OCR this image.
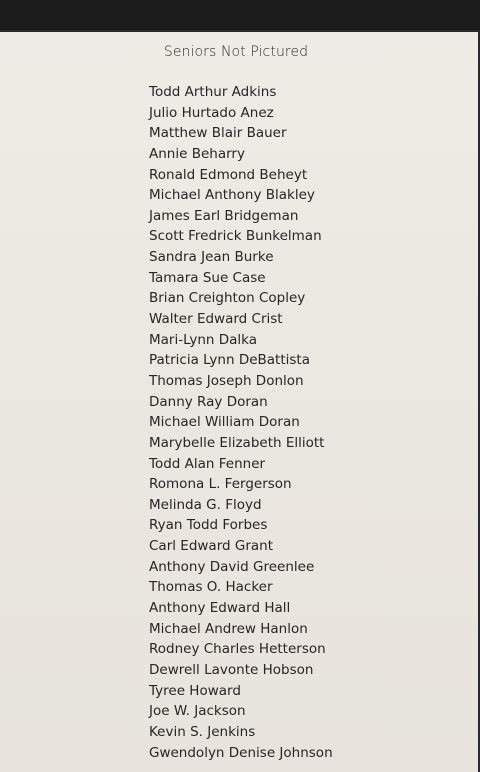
Seniors Not Pictured
Todd Arthur Adkins
Julio Hurtado Anez
Matthew Blair Bauer
Annie Beharry
Ronald Edmond Beheyt
Michael Anthony Blakley
James Earl Bridgeman
Scott Fredrick Bunkelman
Sandra Jean Burke
Tamara Sue Case
Brian Creighton Copley
Walter Edward Crist
Mari-Lynn Dalka
Patricia Lynn DeBattista
Thomas Joseph Donlon
Danny Ray Doran
Michael William Doran
Marybelle Elizabeth Elliott
Todd Alan Fenner
Romona L. Fergerson
Melinda G. Floyd
Ryan Todd Forbes
Carl Edward Grant
Anthony David Greenlee
Thomas O. Hacker
Anthony Edward Hall
Michael Andrew Hanlon
Rodney Charles Hetterson
Dewrell Lavonte Hobson
Tyree Howard
Joe W. Jackson
Kevin S. Jenkins
Gwendolyn Denise Johnson
